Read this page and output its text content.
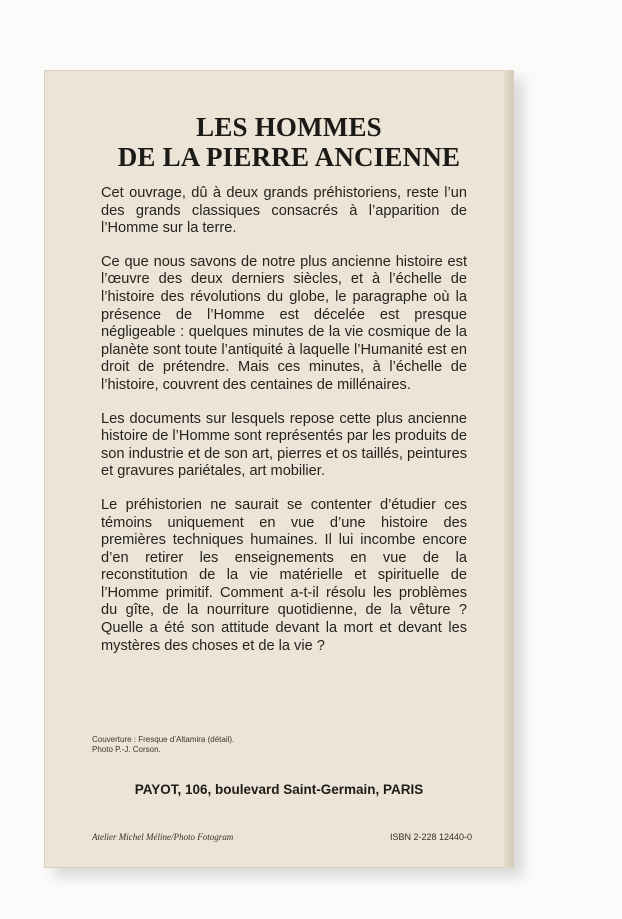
LES HOMMES
DE LA PIERRE ANCIENNE

Cet ouvrage, dû à deux grands préhistoriens, reste l’un des grands classiques consacrés à l’apparition de l’Homme sur la terre.

Ce que nous savons de notre plus ancienne histoire est l’œuvre des deux derniers siècles, et à l’échelle de l’histoire des révolutions du globe, le paragraphe où la présence de l’Homme est décelée est presque négligeable : quelques minutes de la vie cosmique de la planète sont toute l’antiquité à laquelle l’Humanité est en droit de prétendre. Mais ces minutes, à l’échelle de l’histoire, couvrent des centaines de millénaires.

Les documents sur lesquels repose cette plus ancienne histoire de l’Homme sont représentés par les produits de son industrie et de son art, pierres et os taillés, peintures et gravures pariétales, art mobilier.

Le préhistorien ne saurait se contenter d’étudier ces témoins uniquement en vue d’une histoire des premières techniques humaines. Il lui incombe encore d’en retirer les enseignements en vue de la reconstitution de la vie matérielle et spirituelle de l’Homme primitif. Comment a-t-il résolu les problèmes du gîte, de la nourriture quotidienne, de la vêture ? Quelle a été son attitude devant la mort et devant les mystères des choses et de la vie ?

Couverture : Fresque d’Altamira (détail).
Photo P.-J. Corson.
PAYOT, 106, boulevard Saint-Germain, PARIS
Atelier Michel Méline/Photo Fotogram	ISBN 2-228 12440-0
